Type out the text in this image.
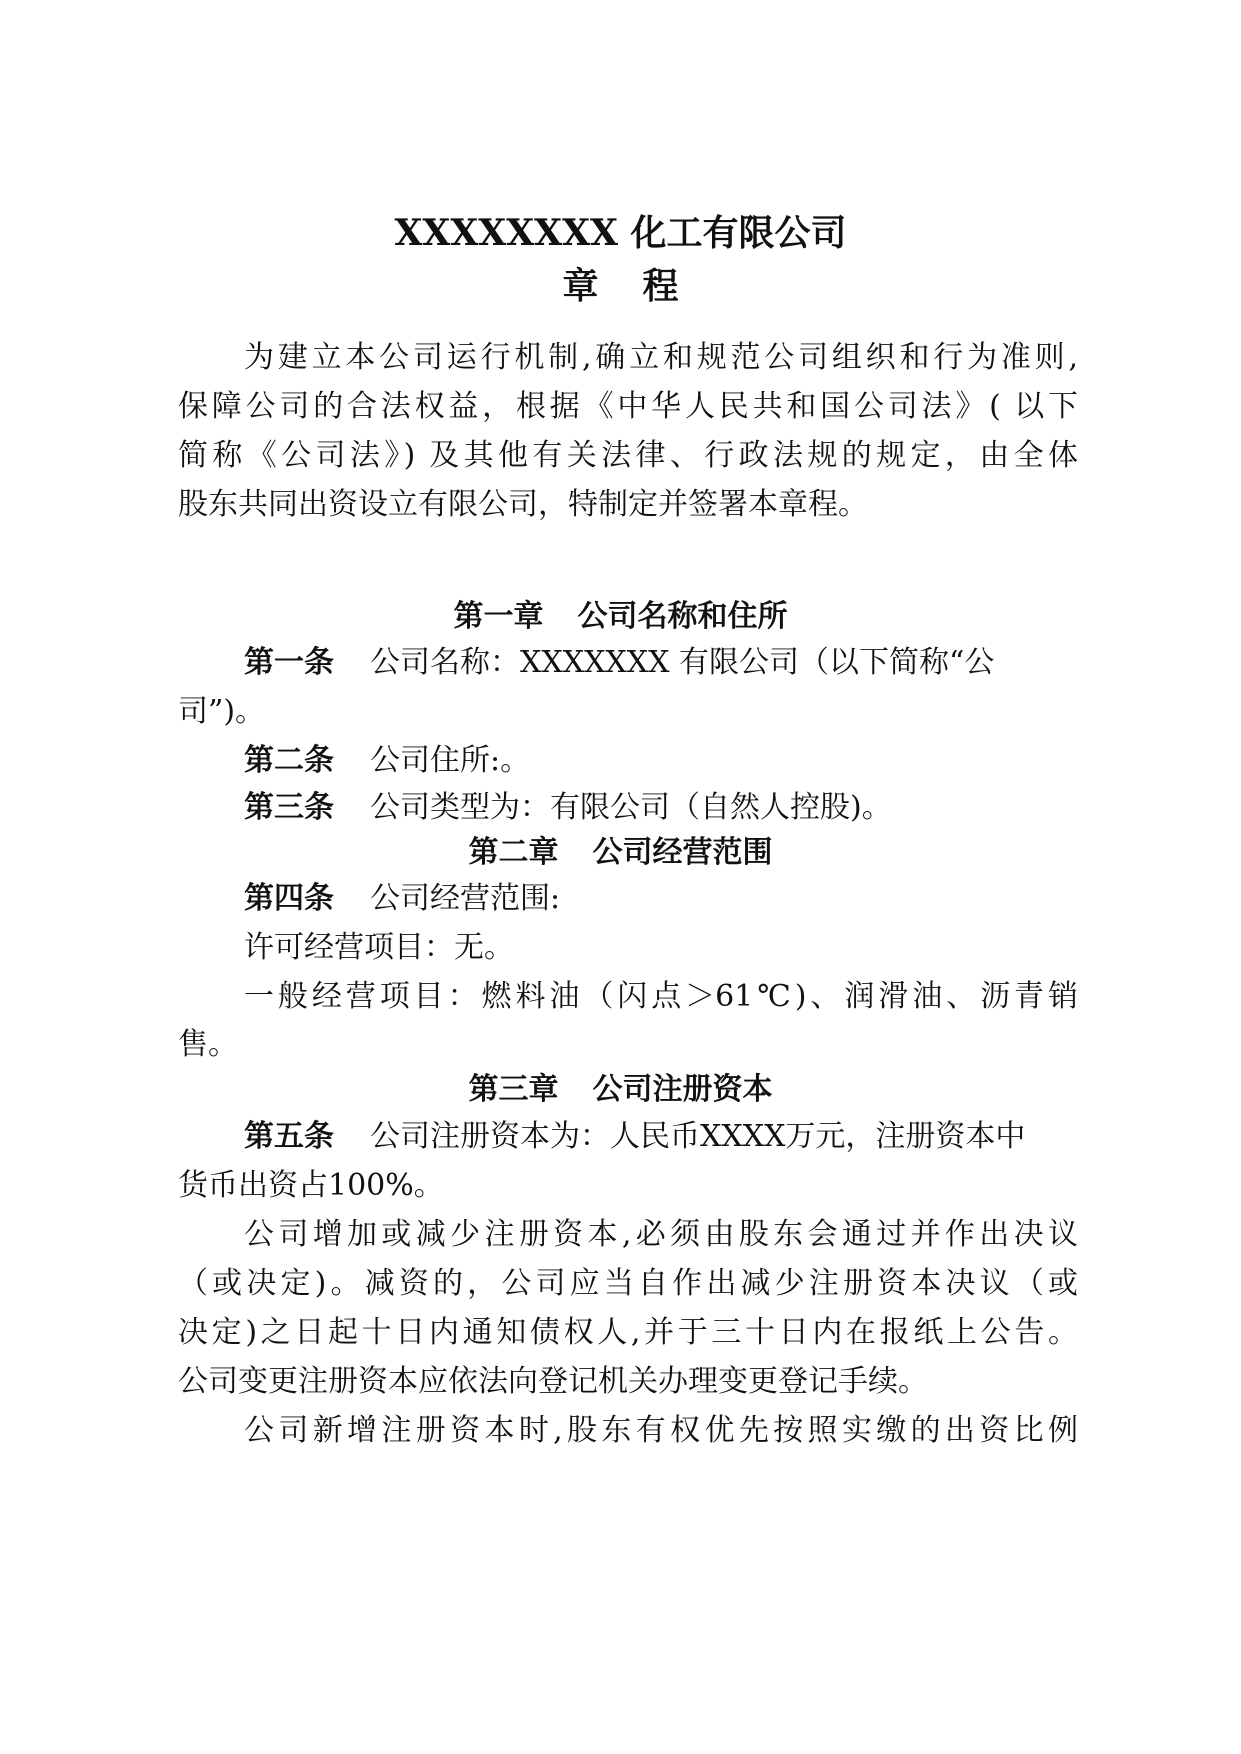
XXXXXXXX 化工有限公司
章程
为建立本公司运行机制,确立和规范公司组织和行为准则,
保障公司的合法权益，根据《中华人民共和国公司法》( 以下
简称《公司法》) 及其他有关法律、行政法规的规定，由全体
股东共同出资设立有限公司，特制定并签署本章程。
第一章 公司名称和住所
第一条 公司名称：XXXXXXX 有限公司（以下简称“公
司”)。
第二条 公司住所:。
第三条 公司类型为：有限公司（自然人控股)。
第二章 公司经营范围
第四条 公司经营范围:
许可经营项目：无。
一般经营项目：燃料油（闪点＞61℃)、润滑油、沥青销
售。
第三章 公司注册资本
第五条 公司注册资本为：人民币XXXX万元，注册资本中
货币出资占100%。
公司增加或减少注册资本,必须由股东会通过并作出决议
（或决定)。减资的，公司应当自作出减少注册资本决议（或
决定)之日起十日内通知债权人,并于三十日内在报纸上公告。
公司变更注册资本应依法向登记机关办理变更登记手续。
公司新增注册资本时,股东有权优先按照实缴的出资比例
